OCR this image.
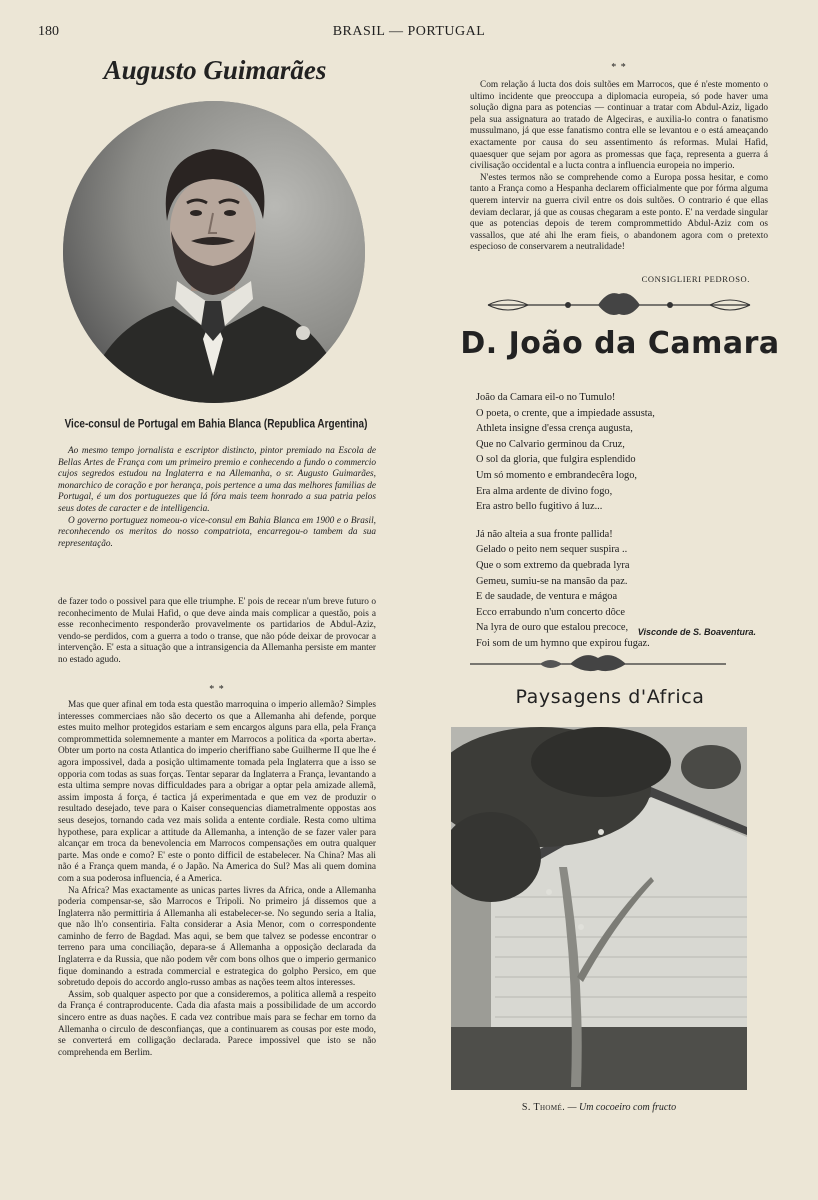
180	BRASIL — PORTUGAL
Augusto Guimarães
Vice-consul de Portugal em Bahia Blanca (Republica Argentina)

Ao mesmo tempo jornalista e escriptor distincto, pintor premiado na Escola de Bellas Artes de França com um primeiro premio e conhecendo a fundo o commercio cujos segredos estudou na Inglaterra e na Allemanha, o sr. Augusto Guimarães, monarchico de coração e por herança, pois pertence a uma das melhores familias de Portugal, é um dos portuguezes que lá fóra mais teem honrado a sua patria pelos seus dotes de caracter e de intelligencia.

O governo portuguez nomeou-o vice-consul em Bahia Blanca em 1900 e o Brasil, reconhecendo os meritos do nosso compatriota, encarregou-o tambem da sua representação.

de fazer todo o possivel para que elle triumphe. E' pois de recear n'um breve futuro o reconhecimento de Mulai Hafid, o que deve ainda mais complicar a questão, pois a esse reconhecimento responderão provavelmente os partidarios de Abdul-Aziz, vendo-se perdidos, com a guerra a todo o transe, que não póde deixar de provocar a intervenção. E' esta a situação que a intransigencia da Allemanha persiste em manter no estado agudo.

* *

Mas que quer afinal em toda esta questão marroquina o imperio allemão? Simples interesses commerciaes não são decerto os que a Allemanha ahi defende, porque estes muito melhor protegidos estariam e sem encargos alguns para ella, pela França comprommettida solemnemente a manter em Marrocos a politica da «porta aberta». Obter um porto na costa Atlantica do imperio cheriffiano sabe Guilherme II que lhe é agora impossivel, dada a posição ultimamente tomada pela Inglaterra que a isso se opporia com todas as suas forças. Tentar separar da Inglaterra a França, levantando a esta ultima sempre novas difficuldades para a obrigar a optar pela amizade allemã, assim imposta á força, é tactica já experimentada e que em vez de produzir o resultado desejado, teve para o Kaiser consequencias diametralmente oppostas aos seus desejos, tornando cada vez mais solida a entente cordiale. Resta como ultima hypothese, para explicar a attitude da Allemanha, a intenção de se fazer valer para alcançar em troca da benevolencia em Marrocos compensações em outra qualquer parte. Mas onde e como? E' este o ponto difficil de estabelecer. Na China? Mas ali não é a França quem manda, é o Japão. Na America do Sul? Mas ali quem domina com a sua poderosa influencia, é a America.

Na Africa? Mas exactamente as unicas partes livres da Africa, onde a Allemanha poderia compensar-se, são Marrocos e Tripoli. No primeiro já dissemos que a Inglaterra não permittiria á Allemanha ali estabelecer-se. No segundo seria a Italia, que não lh'o consentiria. Falta considerar a Asia Menor, com o correspondente caminho de ferro de Bagdad. Mas aqui, se bem que talvez se podesse encontrar o terreno para uma conciliação, depara-se á Allemanha a opposição declarada da Inglaterra e da Russia, que não podem vêr com bons olhos que o imperio germanico fique dominando a estrada commercial e estrategica do golpho Persico, em que sobretudo depois do accordo anglo-russo ambas as nações teem altos interesses.

Assim, sob qualquer aspecto por que a consideremos, a politica allemã a respeito da França é contraproducente. Cada dia afasta mais a possibilidade de um accordo sincero entre as duas nações. E cada vez contribue mais para se fechar em torno da Allemanha o circulo de desconfianças, que a continuarem as cousas por este modo, se converterá em colligação declarada. Parece impossivel que isto se não comprehenda em Berlim.

* *

Com relação á lucta dos dois sultões em Marrocos, que é n'este momento o ultimo incidente que preoccupa a diplomacia europeia, só pode haver uma solução digna para as potencias — continuar a tratar com Abdul-Aziz, ligado pela sua assignatura ao tratado de Algeciras, e auxilia-lo contra o fanatismo mussulmano, já que esse fanatismo contra elle se levantou e o está ameaçando exactamente por causa do seu assentimento ás reformas. Mulai Hafid, quaesquer que sejam por agora as promessas que faça, representa a guerra á civilisação occidental e a lucta contra a influencia europeia no imperio.

N'estes termos não se comprehende como a Europa possa hesitar, e como tanto a França como a Hespanha declarem officialmente que por fórma alguma querem intervir na guerra civil entre os dois sultões. O contrario é que ellas deviam declarar, já que as cousas chegaram a este ponto. E' na verdade singular que as potencias depois de terem comprommettido Abdul-Aziz com os vassallos, que até ahi lhe eram fieis, o abandonem agora com o pretexto especioso de conservarem a neutralidade!

CONSIGLIERI PEDROSO.
D. João da Camara
João da Camara eil-o no Tumulo!
O poeta, o crente, que a impiedade assusta,
Athleta insigne d'essa crença augusta,
Que no Calvario germinou da Cruz,
O sol da gloria, que fulgira esplendido
Um só momento e embrandecêra logo,
Era alma ardente de divino fogo,
Era astro bello fugitivo á luz...
Já não alteia a sua fronte pallida!
Gelado o peito nem sequer suspira ..
Que o som extremo da quebrada lyra
Gemeu, sumiu-se na mansão da paz.
E de saudade, de ventura e mágoa
Ecco errabundo n'um concerto dôce
Na lyra de ouro que estalou precoce,
Foi som de um hymno que expirou fugaz.
Visconde de S. Boaventura.
Paysagens d'Africa
S. Thomé. — Um cocoeiro com fructo
